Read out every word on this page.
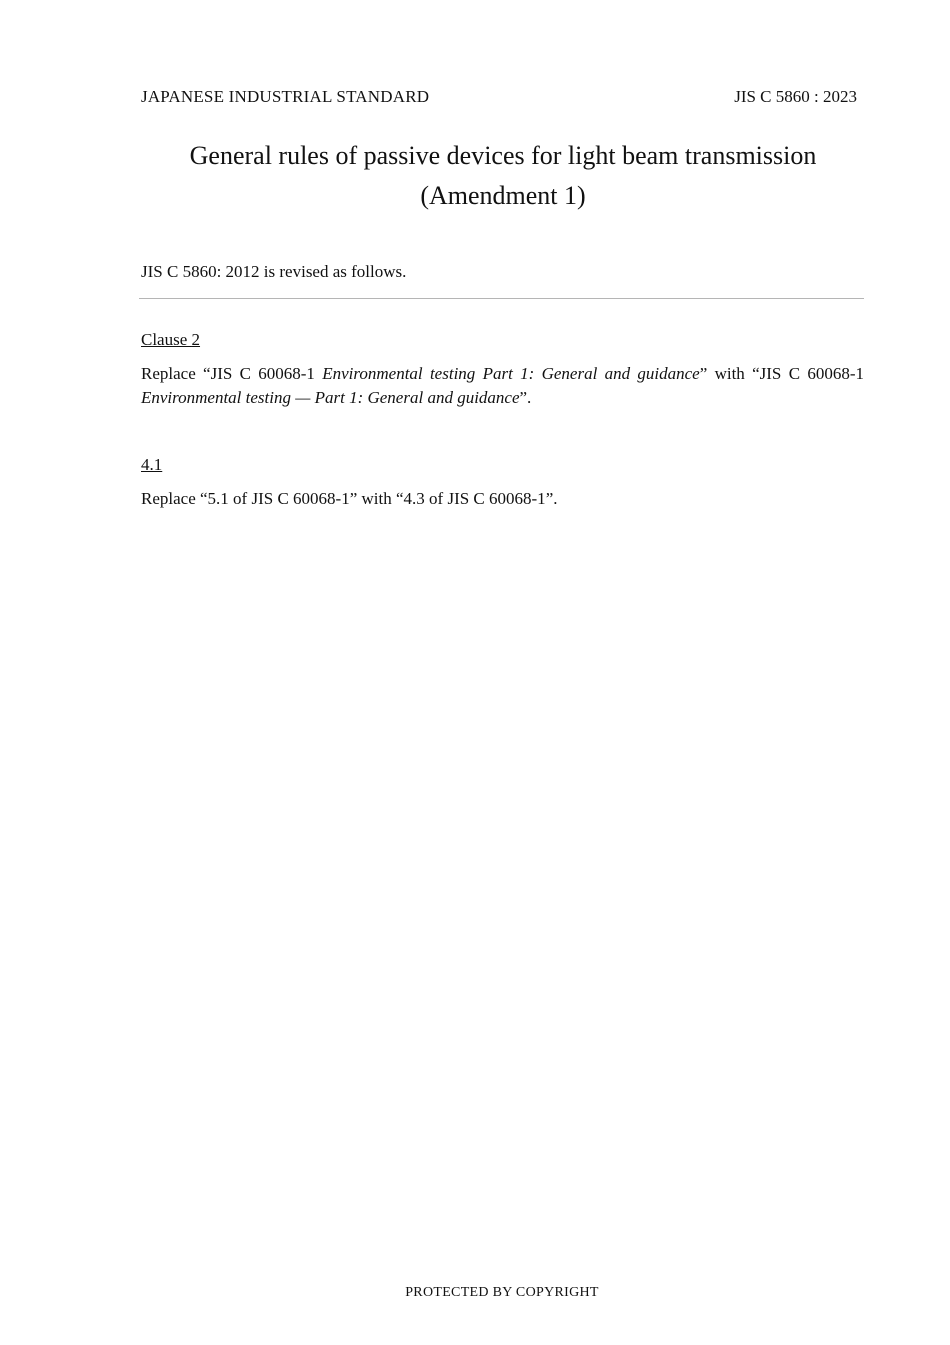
JAPANESE INDUSTRIAL STANDARD	JIS C 5860 : 2023
General rules of passive devices for light beam transmission
(Amendment 1)
JIS C 5860: 2012 is revised as follows.
Clause 2
Replace “JIS C 60068-1 Environmental testing Part 1: General and guidance” with “JIS C 60068-1 Environmental testing — Part 1: General and guidance”.
4.1
Replace “5.1 of JIS C 60068-1” with “4.3 of JIS C 60068-1”.
PROTECTED BY COPYRIGHT
